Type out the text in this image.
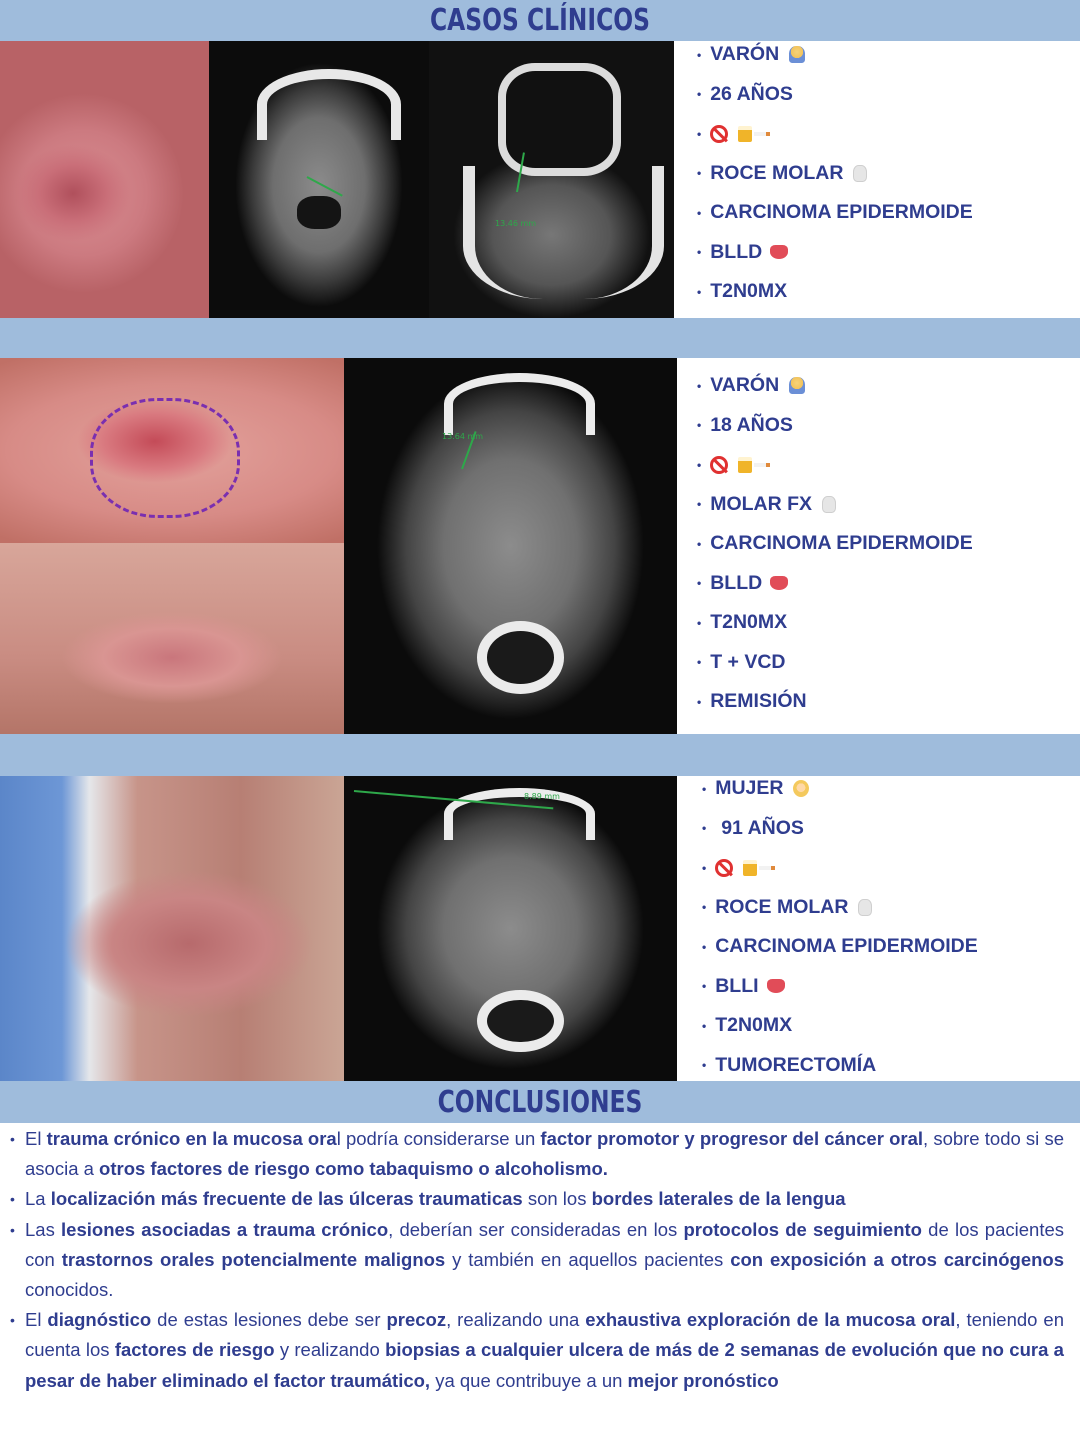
CASOS CLÍNICOS
13.46 mm
• VARÓN
• 26 AÑOS
•
• ROCE MOLAR
• CARCINOMA EPIDERMOIDE
• BLLD
• T2N0MX
13.64 mm
• VARÓN
• 18 AÑOS
•
• MOLAR FX
• CARCINOMA EPIDERMOIDE
• BLLD
• T2N0MX
• T + VCD
• REMISIÓN
8.89 mm
•	MUJER
• 91 AÑOS
•
• ROCE MOLAR
• CARCINOMA EPIDERMOIDE
• BLLI
• T2N0MX
• TUMORECTOMÍA
CONCLUSIONES
• El trauma crónico en la mucosa oral podría considerarse un factor promotor y progresor del cáncer oral, sobre todo si se asocia a otros factores de riesgo como tabaquismo o alcoholismo.
• La localización más frecuente de las úlceras traumaticas son los bordes laterales de la lengua
• Las lesiones asociadas a trauma crónico, deberían ser consideradas en los protocolos de seguimiento de los pacientes con trastornos orales potencialmente malignos y también en aquellos pacientes con exposición a otros carcinógenos conocidos.
• El diagnóstico de estas lesiones debe ser precoz, realizando una exhaustiva exploración de la mucosa oral, teniendo en cuenta los factores de riesgo y realizando biopsias a cualquier ulcera de más de 2 semanas de evolución que no cura a pesar de haber eliminado el factor traumático, ya que contribuye a un mejor pronóstico
